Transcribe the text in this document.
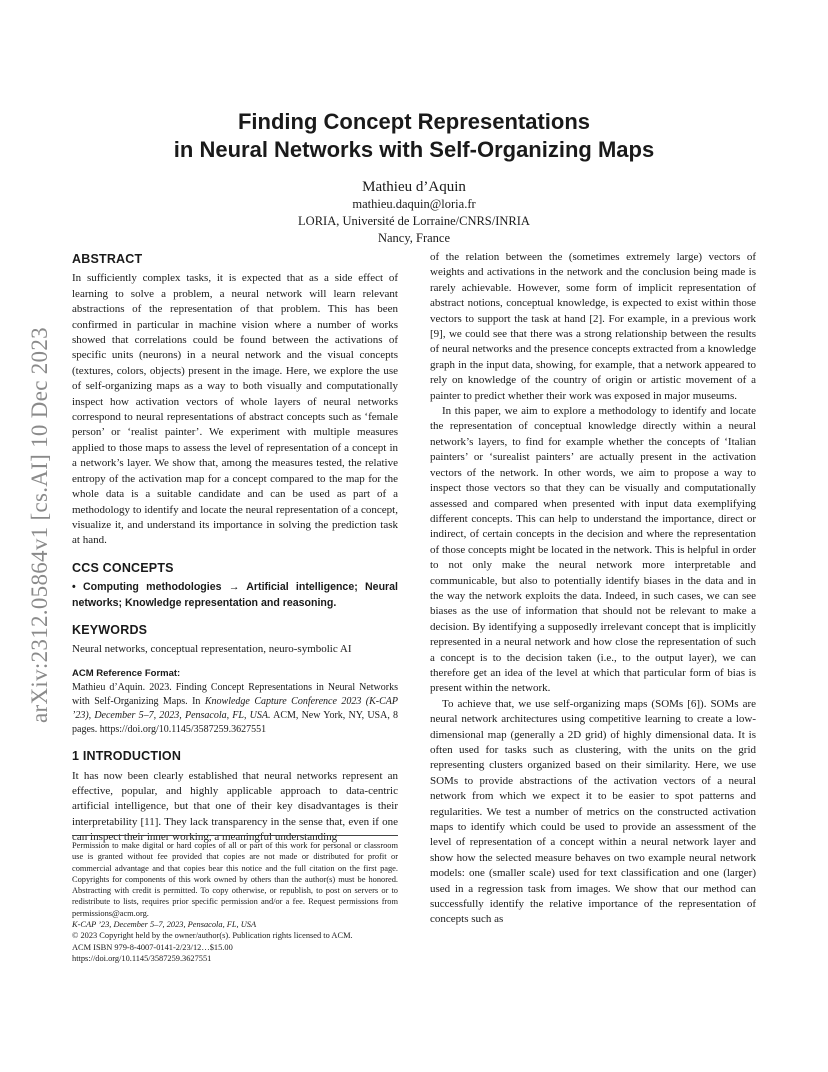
arXiv:2312.05864v1 [cs.AI] 10 Dec 2023
Finding Concept Representations
in Neural Networks with Self-Organizing Maps
Mathieu d’Aquin
mathieu.daquin@loria.fr
LORIA, Université de Lorraine/CNRS/INRIA
Nancy, France
ABSTRACT

In sufficiently complex tasks, it is expected that as a side effect of learning to solve a problem, a neural network will learn relevant abstractions of the representation of that problem. This has been confirmed in particular in machine vision where a number of works showed that correlations could be found between the activations of specific units (neurons) in a neural network and the visual concepts (textures, colors, objects) present in the image. Here, we explore the use of self-organizing maps as a way to both visually and computationally inspect how activation vectors of whole layers of neural networks correspond to neural representations of abstract concepts such as ‘female person’ or ‘realist painter’. We experiment with multiple measures applied to those maps to assess the level of representation of a concept in a network’s layer. We show that, among the measures tested, the relative entropy of the activation map for a concept compared to the map for the whole data is a suitable candidate and can be used as part of a methodology to identify and locate the neural representation of a concept, visualize it, and understand its importance in solving the prediction task at hand.

CCS CONCEPTS

• Computing methodologies → Artificial intelligence; Neural networks; Knowledge representation and reasoning.

KEYWORDS

Neural networks, conceptual representation, neuro-symbolic AI

ACM Reference Format:

Mathieu d’Aquin. 2023. Finding Concept Representations in Neural Networks with Self-Organizing Maps. In Knowledge Capture Conference 2023 (K-CAP ’23), December 5–7, 2023, Pensacola, FL, USA. ACM, New York, NY, USA, 8 pages. https://doi.org/10.1145/3587259.3627551

1 INTRODUCTION

It has now been clearly established that neural networks represent an effective, popular, and highly applicable approach to data-centric artificial intelligence, but that one of their key disadvantages is their interpretability [11]. They lack transparency in the sense that, even if one can inspect their inner working, a meaningful understanding

Permission to make digital or hard copies of all or part of this work for personal or classroom use is granted without fee provided that copies are not made or distributed for profit or commercial advantage and that copies bear this notice and the full citation on the first page. Copyrights for components of this work owned by others than the author(s) must be honored. Abstracting with credit is permitted. To copy otherwise, or republish, to post on servers or to redistribute to lists, requires prior specific permission and/or a fee. Request permissions from permissions@acm.org.

K-CAP ’23, December 5–7, 2023, Pensacola, FL, USA

© 2023 Copyright held by the owner/author(s). Publication rights licensed to ACM.

ACM ISBN 979-8-4007-0141-2/23/12…$15.00

https://doi.org/10.1145/3587259.3627551

of the relation between the (sometimes extremely large) vectors of weights and activations in the network and the conclusion being made is rarely achievable. However, some form of implicit representation of abstract notions, conceptual knowledge, is expected to exist within those vectors to support the task at hand [2]. For example, in a previous work [9], we could see that there was a strong relationship between the results of neural networks and the presence concepts extracted from a knowledge graph in the input data, showing, for example, that a network appeared to rely on knowledge of the country of origin or artistic movement of a painter to predict whether their work was exposed in major museums.

In this paper, we aim to explore a methodology to identify and locate the representation of conceptual knowledge directly within a neural network’s layers, to find for example whether the concepts of ‘Italian painters’ or ‘surealist painters’ are actually present in the activation vectors of the network. In other words, we aim to propose a way to inspect those vectors so that they can be visually and computationally assessed and compared when presented with input data exemplifying different concepts. This can help to understand the importance, direct or indirect, of certain concepts in the decision and where the representation of those concepts might be located in the network. This is helpful in order to not only make the neural network more interpretable and communicable, but also to potentially identify biases in the data and in the way the network exploits the data. Indeed, in such cases, we can see biases as the use of information that should not be relevant to make a decision. By identifying a supposedly irrelevant concept that is implicitly represented in a neural network and how close the representation of such a concept is to the decision taken (i.e., to the output layer), we can therefore get an idea of the level at which that particular form of bias is present within the network.

To achieve that, we use self-organizing maps (SOMs [6]). SOMs are neural network architectures using competitive learning to create a low-dimensional map (generally a 2D grid) of highly dimensional data. It is often used for tasks such as clustering, with the units on the grid representing clusters organized based on their similarity. Here, we use SOMs to provide abstractions of the activation vectors of a neural network from which we expect it to be easier to spot patterns and regularities. We test a number of metrics on the constructed activation maps to identify which could be used to provide an assessment of the level of representation of a concept within a neural network layer and show how the selected measure behaves on two example neural network models: one (smaller scale) used for text classification and one (larger) used in a regression task from images. We show that our method can successfully identify the relative importance of the representation of concepts such as
